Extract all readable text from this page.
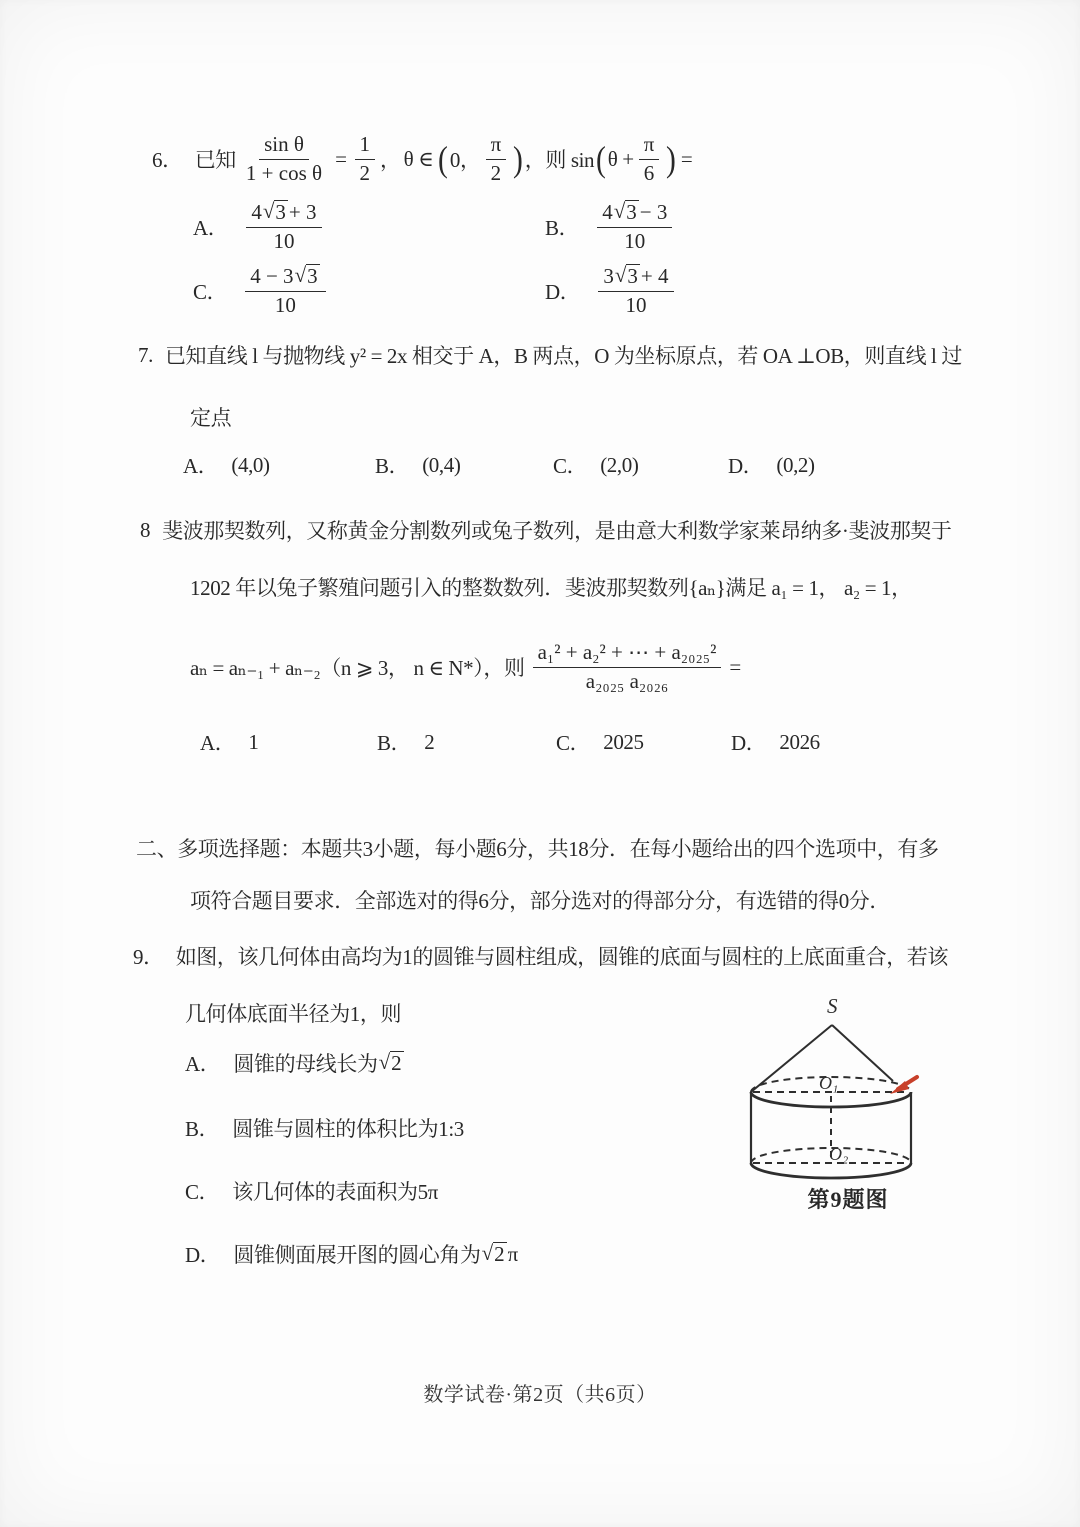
6． 已知 $\frac{\text{sin θ}}{\text{1 + cos θ}} = \frac{1}{2}$ ， θ ∈ ( 0， $\frac{\pi}{2}$ ) ，则 sin ( $\theta + \frac{\pi}{6}$ ) =
A． $\frac{4 √ 3 + 3}{10}$	B． $\frac{4 √ 3 - 3}{10}$
C． $\frac{4 - 3 √ 3}{10}$	D． $\frac{3 √ 3 + 4}{10}$
7. 已知直线 l 与抛物线 y² = 2x 相交于 A，B 两点，O 为坐标原点，若 OA ⊥OB，则直线 l 过
定点
A． (4,0)	B． (0,4)	C． (2,0)	D． (0,2)
8 斐波那契数列，又称黄金分割数列或兔子数列，是由意大利数学家莱昂纳多·斐波那契于
1202 年以兔子繁殖问题引入的整数数列．斐波那契数列{aₙ}满足 a₁ = 1， a₂ = 1，
aₙ = aₙ₋₁ + aₙ₋₂（n ⩾ 3， n ∈ N*），则 $\frac{\text{a₁² + a₂² + ⋯ + a₂₀₂₅²}}{\text{a₂₀₂₅ a₂₀₂₆}}$ =
A． 1	B． 2	C． 2025	D． 2026
二、多项选择题：本题共3小题，每小题6分，共18分．在每小题给出的四个选项中，有多
项符合题目要求．全部选对的得6分，部分选对的得部分分，有选错的得0分．
9． 如图，该几何体由高均为1的圆锥与圆柱组成，圆锥的底面与圆柱的上底面重合，若该
几何体底面半径为1，则
A． 圆锥的母线长为 √ 2
B． 圆锥与圆柱的体积比为1:3
C． 该几何体的表面积为5π
D． 圆锥侧面展开图的圆心角为 √ 2 π
S
O₁
O₂
第9题图
数学试卷·第2页（共6页）
